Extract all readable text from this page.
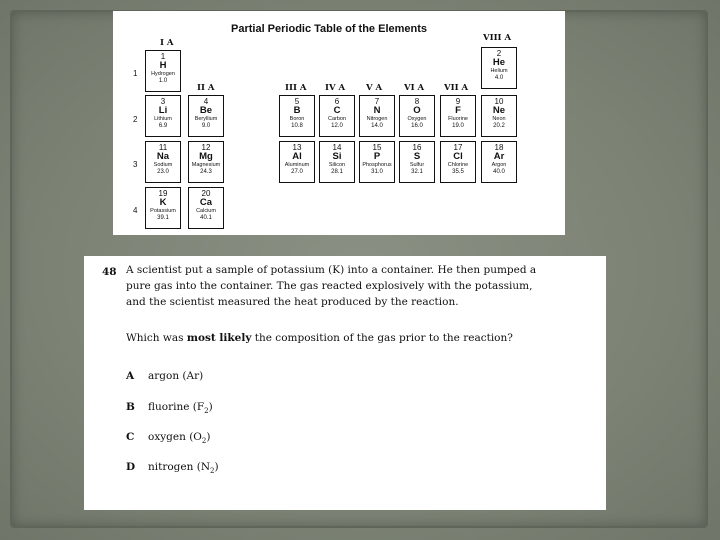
Partial Periodic Table of the Elements
I A
II A	III A IV A V A	VI A VII A
VIII A
1
2
3
4
1
H
Hydrogen
1.0
2
He
Helium
4.0
3
Li
Lithium
6.9
4
Be
Beryllium
9.0
5
B
Boron
10.8
6
C
Carbon
12.0
7
N
Nitrogen
14.0
8
O
Oxygen
16.0
9
F
Fluorine
19.0
10
Ne
Neon
20.2
11
Na
Sodium
23.0
12
Mg
Magnesium
24.3
13
Al
Aluminum
27.0
14
Si
Silicon
28.1
15
P
Phosphorus
31.0
16
S
Sulfur
32.1
17
Cl
Chlorine
35.5
18
Ar
Argon
40.0
19
K
Potassium
39.1
20
Ca
Calcium
40.1
48 A scientist put a sample of potassium (K) into a container. He then pumped a
pure gas into the container. The gas reacted explosively with the potassium,
and the scientist measured the heat produced by the reaction.
Which was most likely the composition of the gas prior to the reaction?
A argon (Ar)
B fluorine $(F_2)$
C oxygen $(O_2)$
D nitrogen $(N_2)$
